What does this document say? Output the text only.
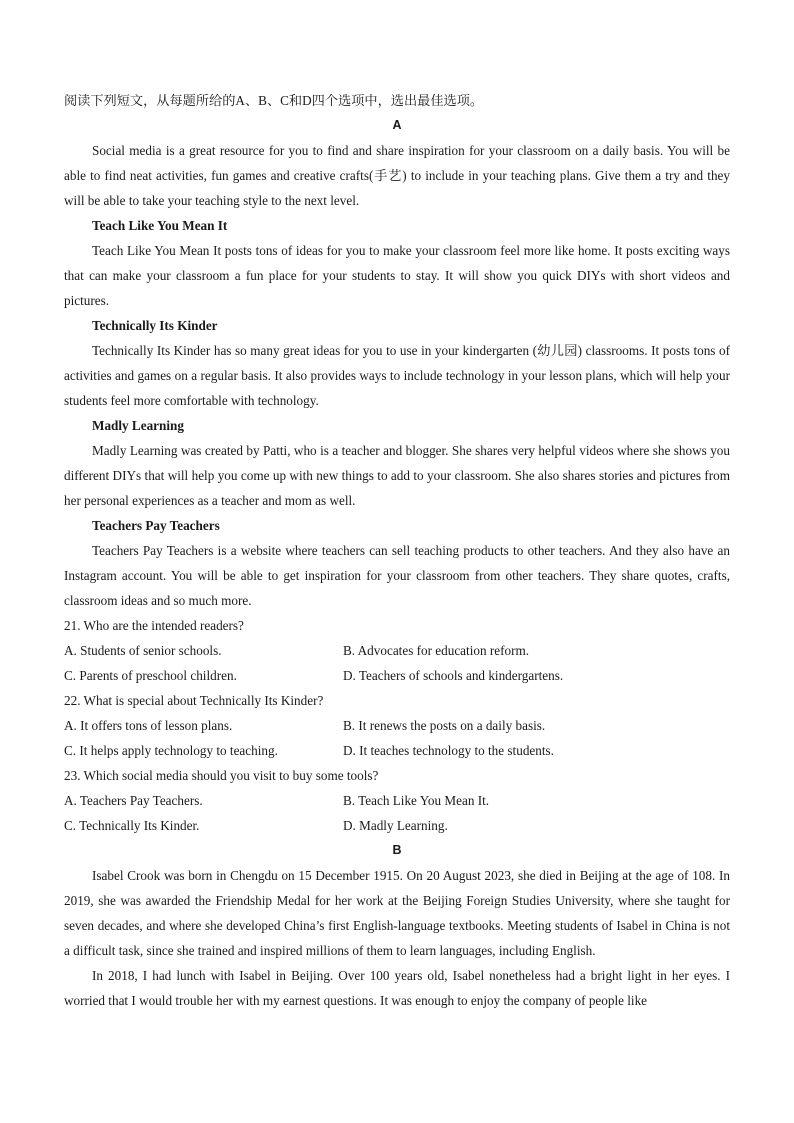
阅读下列短文，从每题所给的A、B、C和D四个选项中，选出最佳选项。

A

Social media is a great resource for you to find and share inspiration for your classroom on a daily basis. You will be able to find neat activities, fun games and creative crafts(手艺) to include in your teaching plans. Give them a try and they will be able to take your teaching style to the next level.

Teach Like You Mean It

Teach Like You Mean It posts tons of ideas for you to make your classroom feel more like home. It posts exciting ways that can make your classroom a fun place for your students to stay. It will show you quick DIYs with short videos and pictures.

Technically Its Kinder

Technically Its Kinder has so many great ideas for you to use in your kindergarten (幼儿园) classrooms. It posts tons of activities and games on a regular basis. It also provides ways to include technology in your lesson plans, which will help your students feel more comfortable with technology.

Madly Learning

Madly Learning was created by Patti, who is a teacher and blogger. She shares very helpful videos where she shows you different DIYs that will help you come up with new things to add to your classroom. She also shares stories and pictures from her personal experiences as a teacher and mom as well.

Teachers Pay Teachers

Teachers Pay Teachers is a website where teachers can sell teaching products to other teachers. And they also have an Instagram account. You will be able to get inspiration for your classroom from other teachers. They share quotes, crafts, classroom ideas and so much more.

21. Who are the intended readers?

A. Students of senior schools.	B. Advocates for education reform.

C. Parents of preschool children.	D. Teachers of schools and kindergartens.

22. What is special about Technically Its Kinder?

A. It offers tons of lesson plans.	B. It renews the posts on a daily basis.

C. It helps apply technology to teaching.	D. It teaches technology to the students.

23. Which social media should you visit to buy some tools?

A. Teachers Pay Teachers.	B. Teach Like You Mean It.

C. Technically Its Kinder.	D. Madly Learning.

B

Isabel Crook was born in Chengdu on 15 December 1915. On 20 August 2023, she died in Beijing at the age of 108. In 2019, she was awarded the Friendship Medal for her work at the Beijing Foreign Studies University, where she taught for seven decades, and where she developed China’s first English-language textbooks. Meeting students of Isabel in China is not a difficult task, since she trained and inspired millions of them to learn languages, including English.

In 2018, I had lunch with Isabel in Beijing. Over 100 years old, Isabel nonetheless had a bright light in her eyes. I worried that I would trouble her with my earnest questions. It was enough to enjoy the company of people like
